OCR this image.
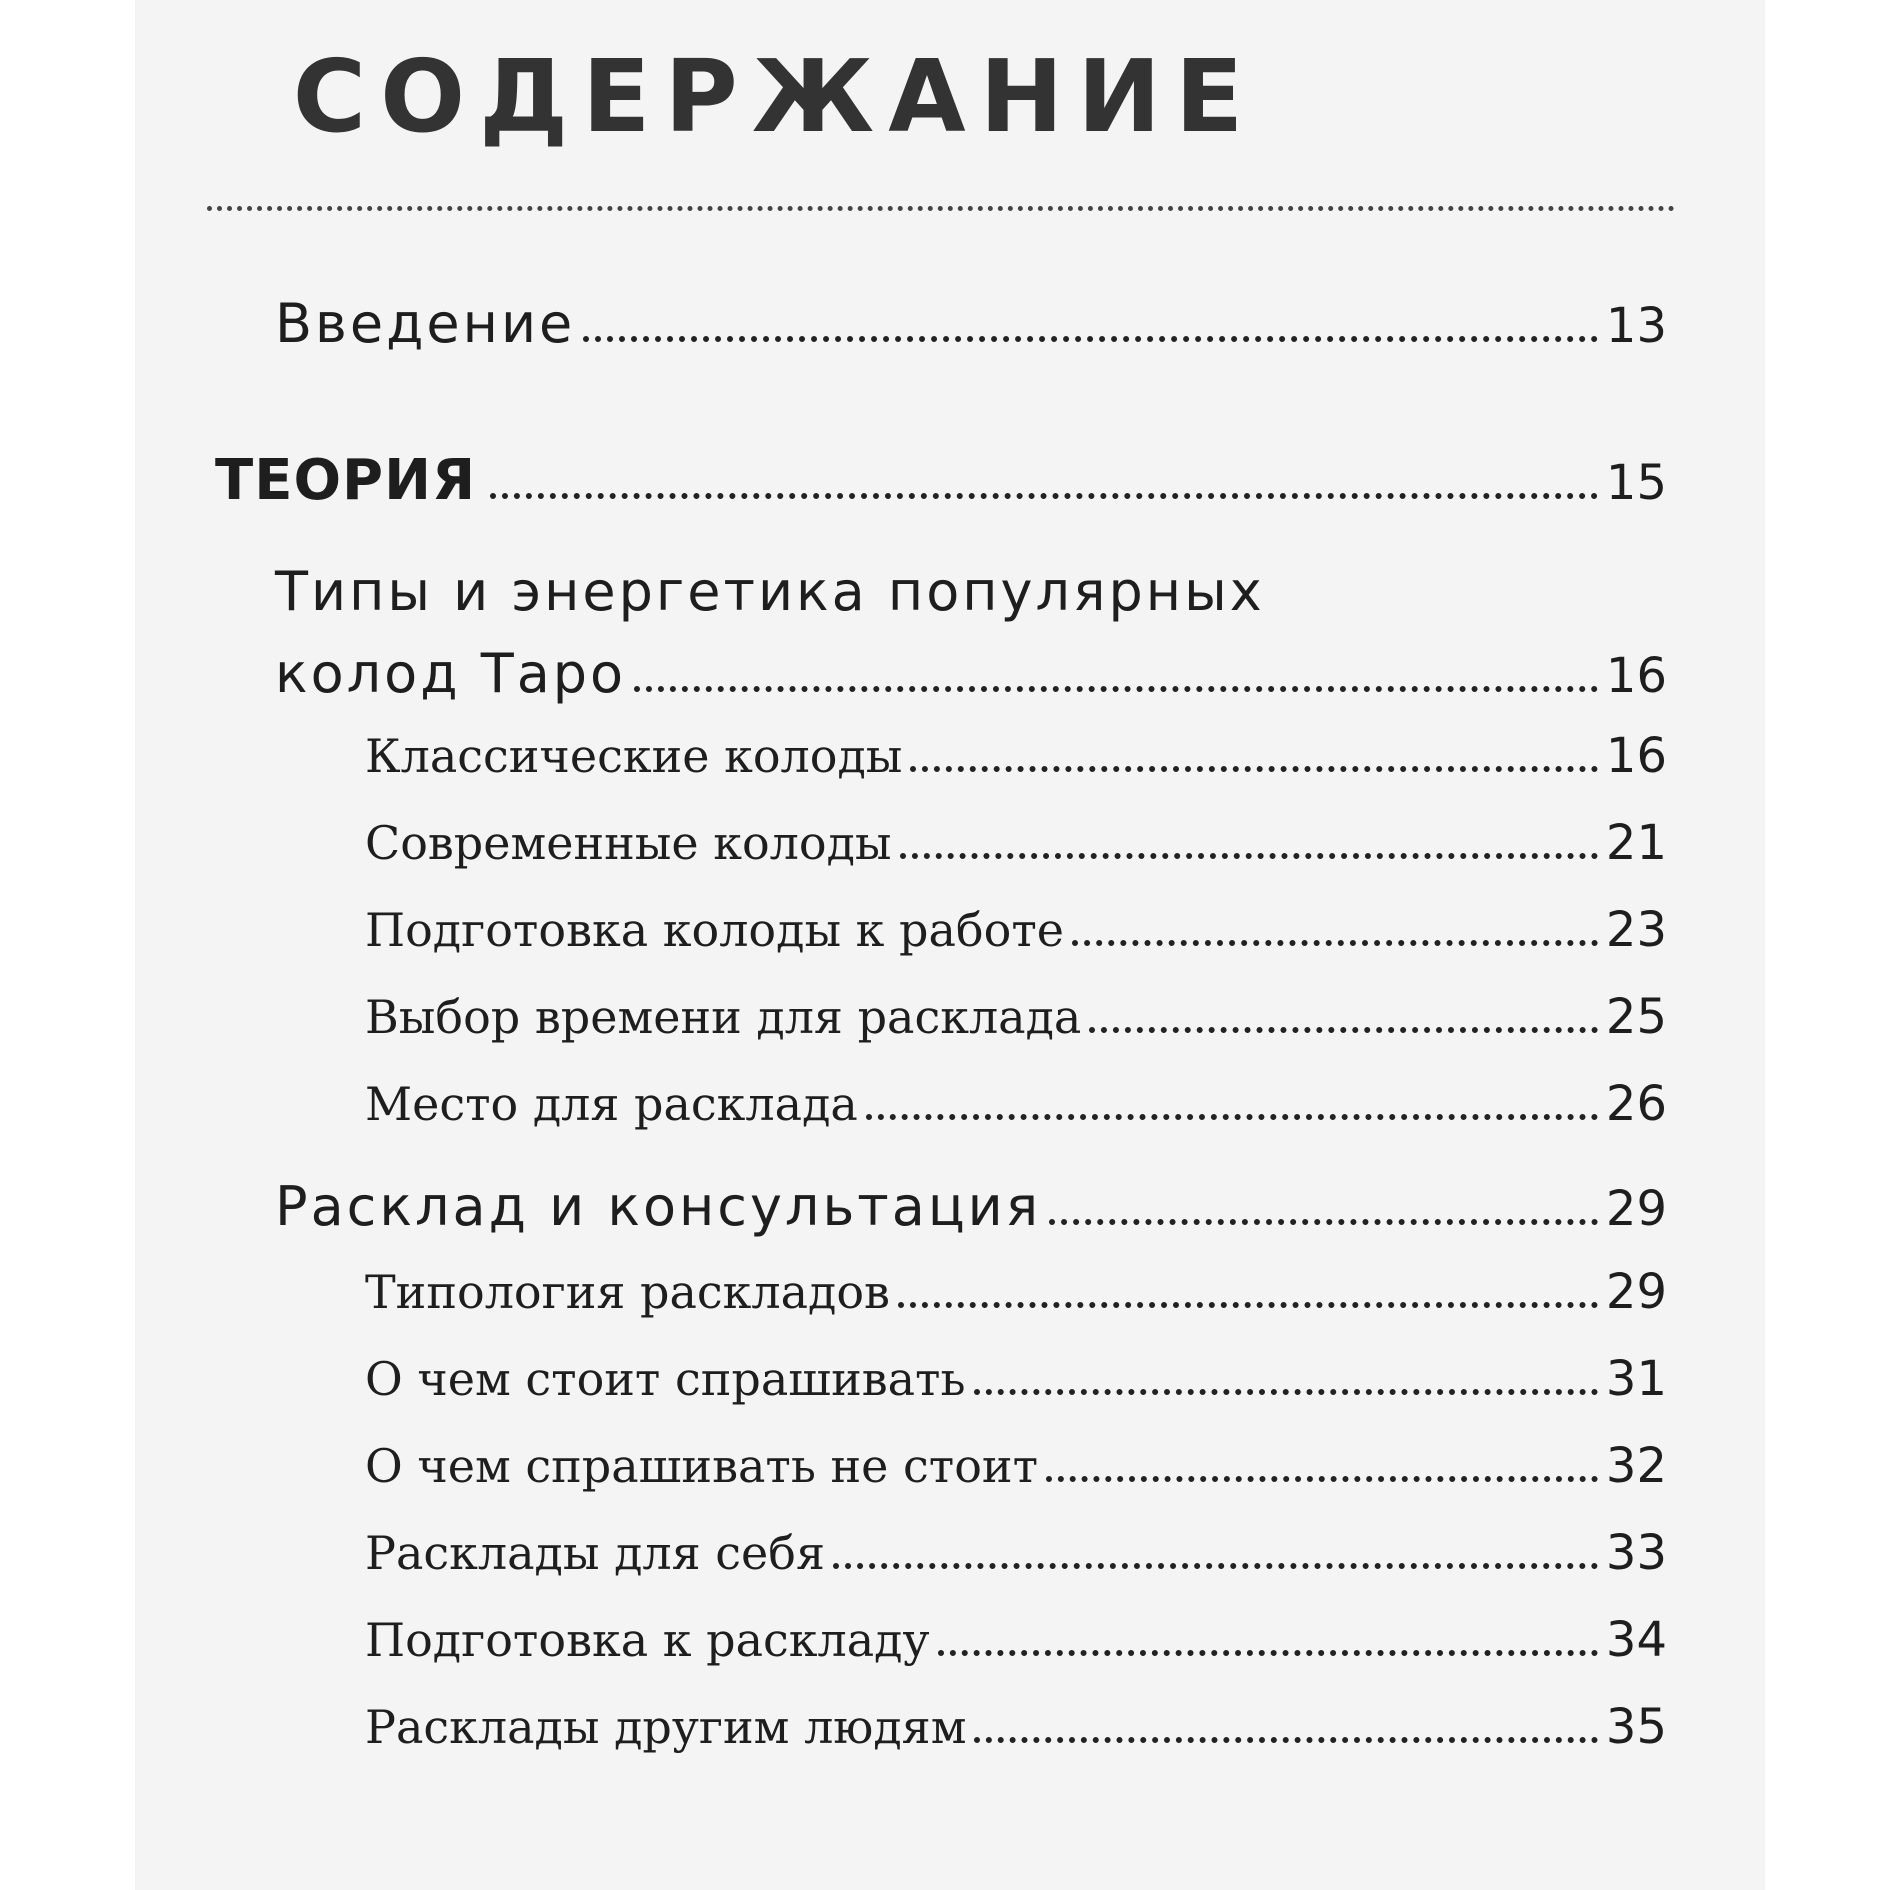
СОДЕРЖАНИЕ
Введение	13
ТЕОРИЯ	15
Типы и энергетика популярных
колод Таро	16
Классические колоды	16
Современные колоды	21
Подготовка колоды к работе	23
Выбор времени для расклада	25
Место для расклада	26
Расклад и консультация	29
Типология раскладов	29
О чем стоит спрашивать	31
О чем спрашивать не стоит	32
Расклады для себя	33
Подготовка к раскладу	34
Расклады другим людям	35
